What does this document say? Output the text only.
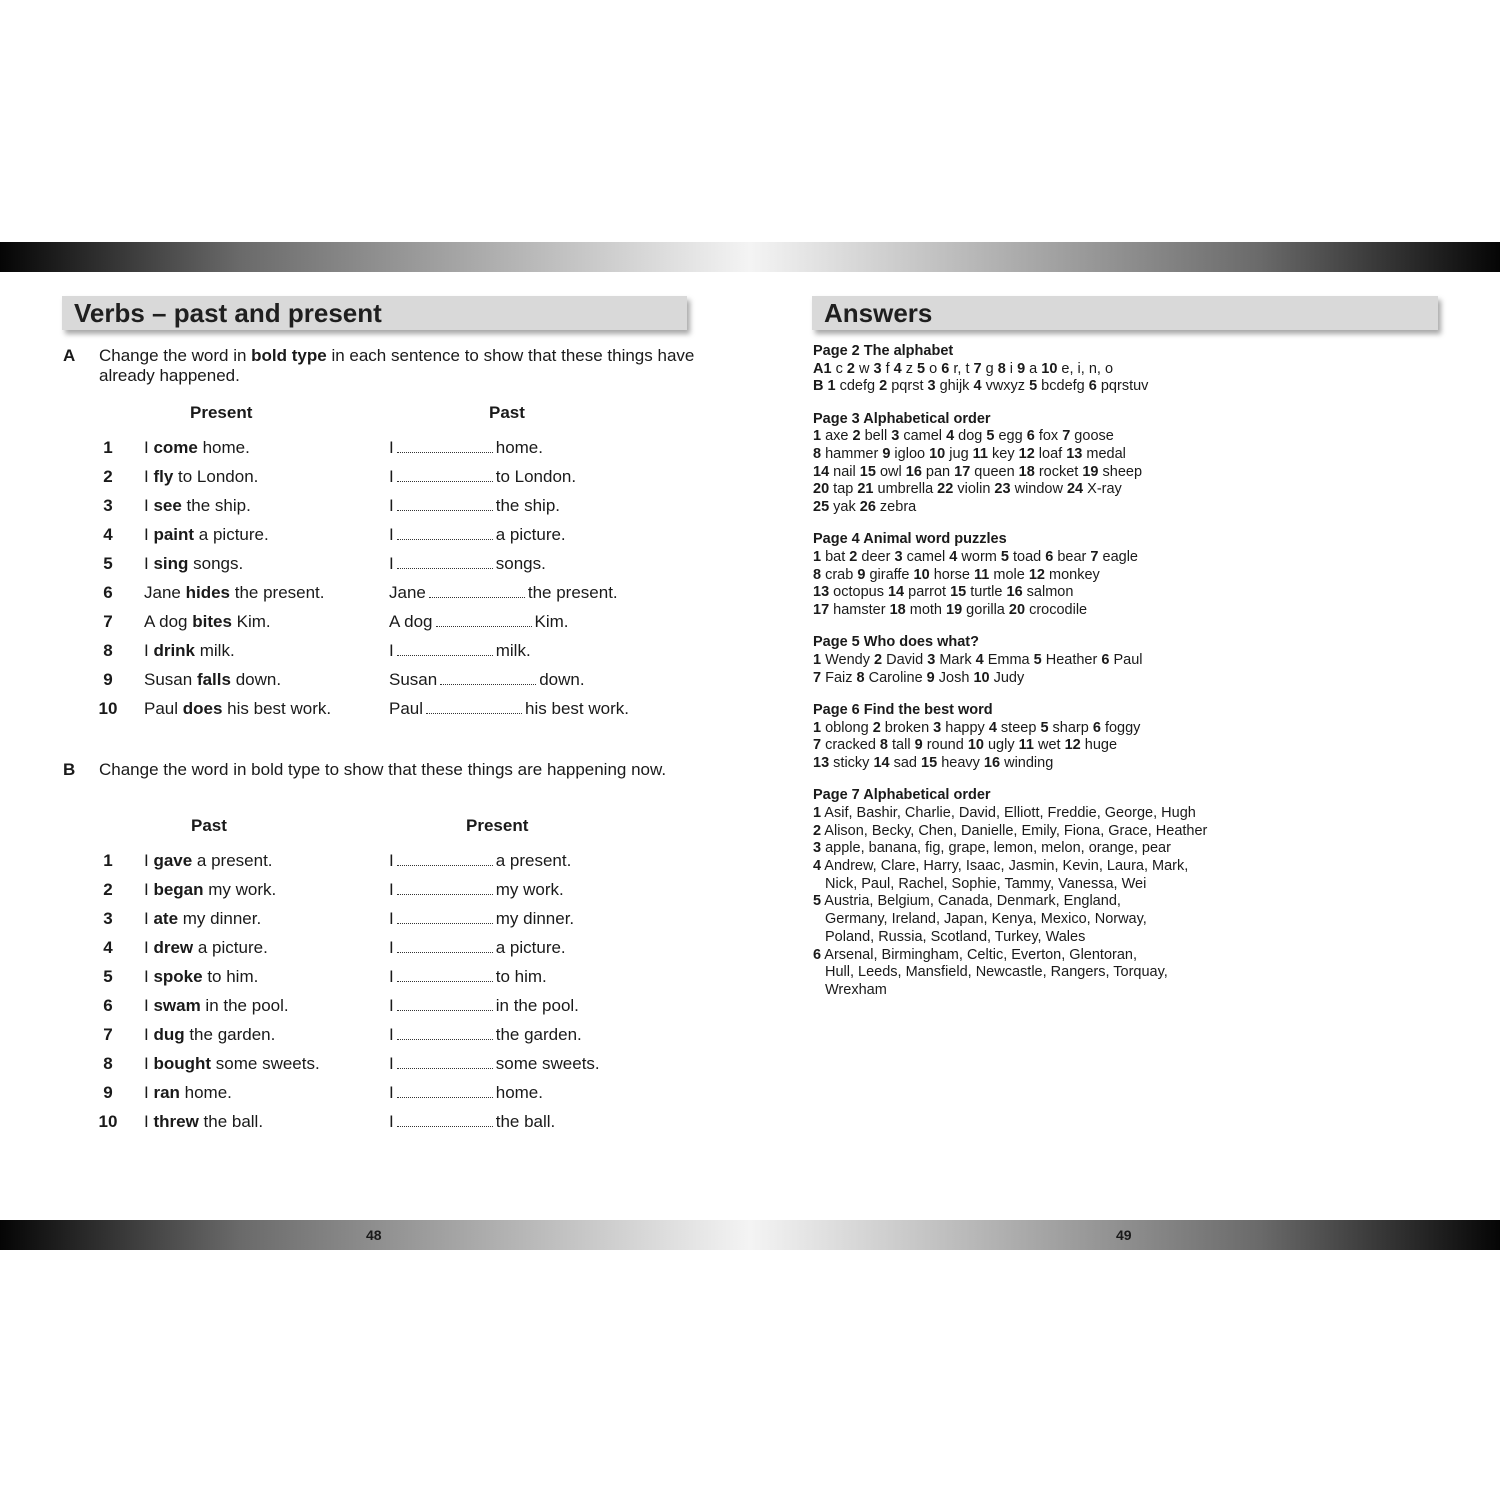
48	49
Verbs – past and present
A Change the word in bold type in each sentence to show that these things have already happened.
Present	Past
1	I come home.	I	home.
2	I fly to London.	I	to London.
3	I see the ship.	I	the ship.
4	I paint a picture.	I	a picture.
5	I sing songs.	I	songs.
6	Jane hides the present.	Jane	the present.
7	A dog bites Kim.	A dog	Kim.
8	I drink milk.	I	milk.
9	Susan falls down.	Susan	down.
10 Paul does his best work.	Paul	his best work.
B Change the word in bold type to show that these things are happening now.
Past	Present
1	I gave a present.	I	a present.
2	I began my work.	I	my work.
3	I ate my dinner.	I	my dinner.
4	I drew a picture.	I	a picture.
5	I spoke to him.	I	to him.
6	I swam in the pool.	I	in the pool.
7	I dug the garden.	I	the garden.
8	I bought some sweets.	I	some sweets.
9	I ran home.	I	home.
10 I threw the ball.	I	the ball.
Answers
Page 2 The alphabet
A1 c 2 w 3 f 4 z 5 o 6 r, t 7 g 8 i 9 a 10 e, i, n, o
B 1 cdefg 2 pqrst 3 ghijk 4 vwxyz 5 bcdefg 6 pqrstuv
Page 3 Alphabetical order
1 axe 2 bell 3 camel 4 dog 5 egg 6 fox 7 goose
8 hammer 9 igloo 10 jug 11 key 12 loaf 13 medal
14 nail 15 owl 16 pan 17 queen 18 rocket 19 sheep
20 tap 21 umbrella 22 violin 23 window 24 X-ray
25 yak 26 zebra
Page 4 Animal word puzzles
1 bat 2 deer 3 camel 4 worm 5 toad 6 bear 7 eagle
8 crab 9 giraffe 10 horse 11 mole 12 monkey
13 octopus 14 parrot 15 turtle 16 salmon
17 hamster 18 moth 19 gorilla 20 crocodile
Page 5 Who does what?
1 Wendy 2 David 3 Mark 4 Emma 5 Heather 6 Paul
7 Faiz 8 Caroline 9 Josh 10 Judy
Page 6 Find the best word
1 oblong 2 broken 3 happy 4 steep 5 sharp 6 foggy
7 cracked 8 tall 9 round 10 ugly 11 wet 12 huge
13 sticky 14 sad 15 heavy 16 winding
Page 7 Alphabetical order
1 Asif, Bashir, Charlie, David, Elliott, Freddie, George, Hugh
2 Alison, Becky, Chen, Danielle, Emily, Fiona, Grace, Heather
3 apple, banana, fig, grape, lemon, melon, orange, pear
4 Andrew, Clare, Harry, Isaac, Jasmin, Kevin, Laura, Mark,
Nick, Paul, Rachel, Sophie, Tammy, Vanessa, Wei
5 Austria, Belgium, Canada, Denmark, England,
Germany, Ireland, Japan, Kenya, Mexico, Norway,
Poland, Russia, Scotland, Turkey, Wales
6 Arsenal, Birmingham, Celtic, Everton, Glentoran,
Hull, Leeds, Mansfield, Newcastle, Rangers, Torquay,
Wrexham
